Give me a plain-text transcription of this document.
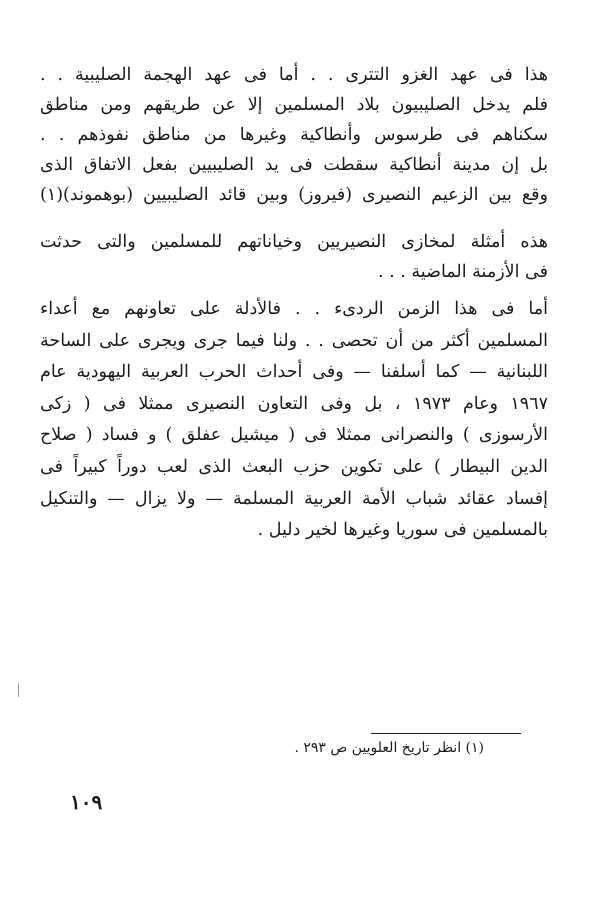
هذا فى عهد الغزو التترى . . أما فى عهد الهجمة الصليبية . .
فلم يدخل الصليبيون بلاد المسلمين إلا عن طريقهم ومن مناطق
سكناهم فى طرسوس وأنطاكية وغيرها من مناطق نفوذهم . .
بل إن مدينة أنطاكية سقطت فى يد الصليبيين بفعل الاتفاق الذى
وقع بين الزعيم النصيرى (فيروز) وبين قائد الصليبيين (بوهموند)(١)
هذه أمثلة لمخازى النصيريين وخياناتهم للمسلمين والتى حدثت
فى الأزمنة الماضية . . .
أما فى هذا الزمن الردىء . . فالأدلة على تعاونهم مع أعداء
المسلمين أكثر من أن تحصى . . ولنا فيما جرى ويجرى على الساحة
اللبنانية — كما أسلفنا — وفى أحداث الحرب العربية اليهودية عام
١٩٦٧ وعام ١٩٧٣ ، بل وفى التعاون النصيرى ممثلا فى ( زكى
الأرسوزى ) والنصرانى ممثلا فى ( ميشيل عفلق ) و فساد ( صلاح
الدين البيطار ) على تكوين حزب البعث الذى لعب دوراً كبيراً فى
إفساد عقائد شباب الأمة العربية المسلمة — ولا يزال — والتنكيل
بالمسلمين فى سوريا وغيرها لخير دليل .
(١) انظر تاريخ العلويين ص ٢٩٣ .
١٠٩
